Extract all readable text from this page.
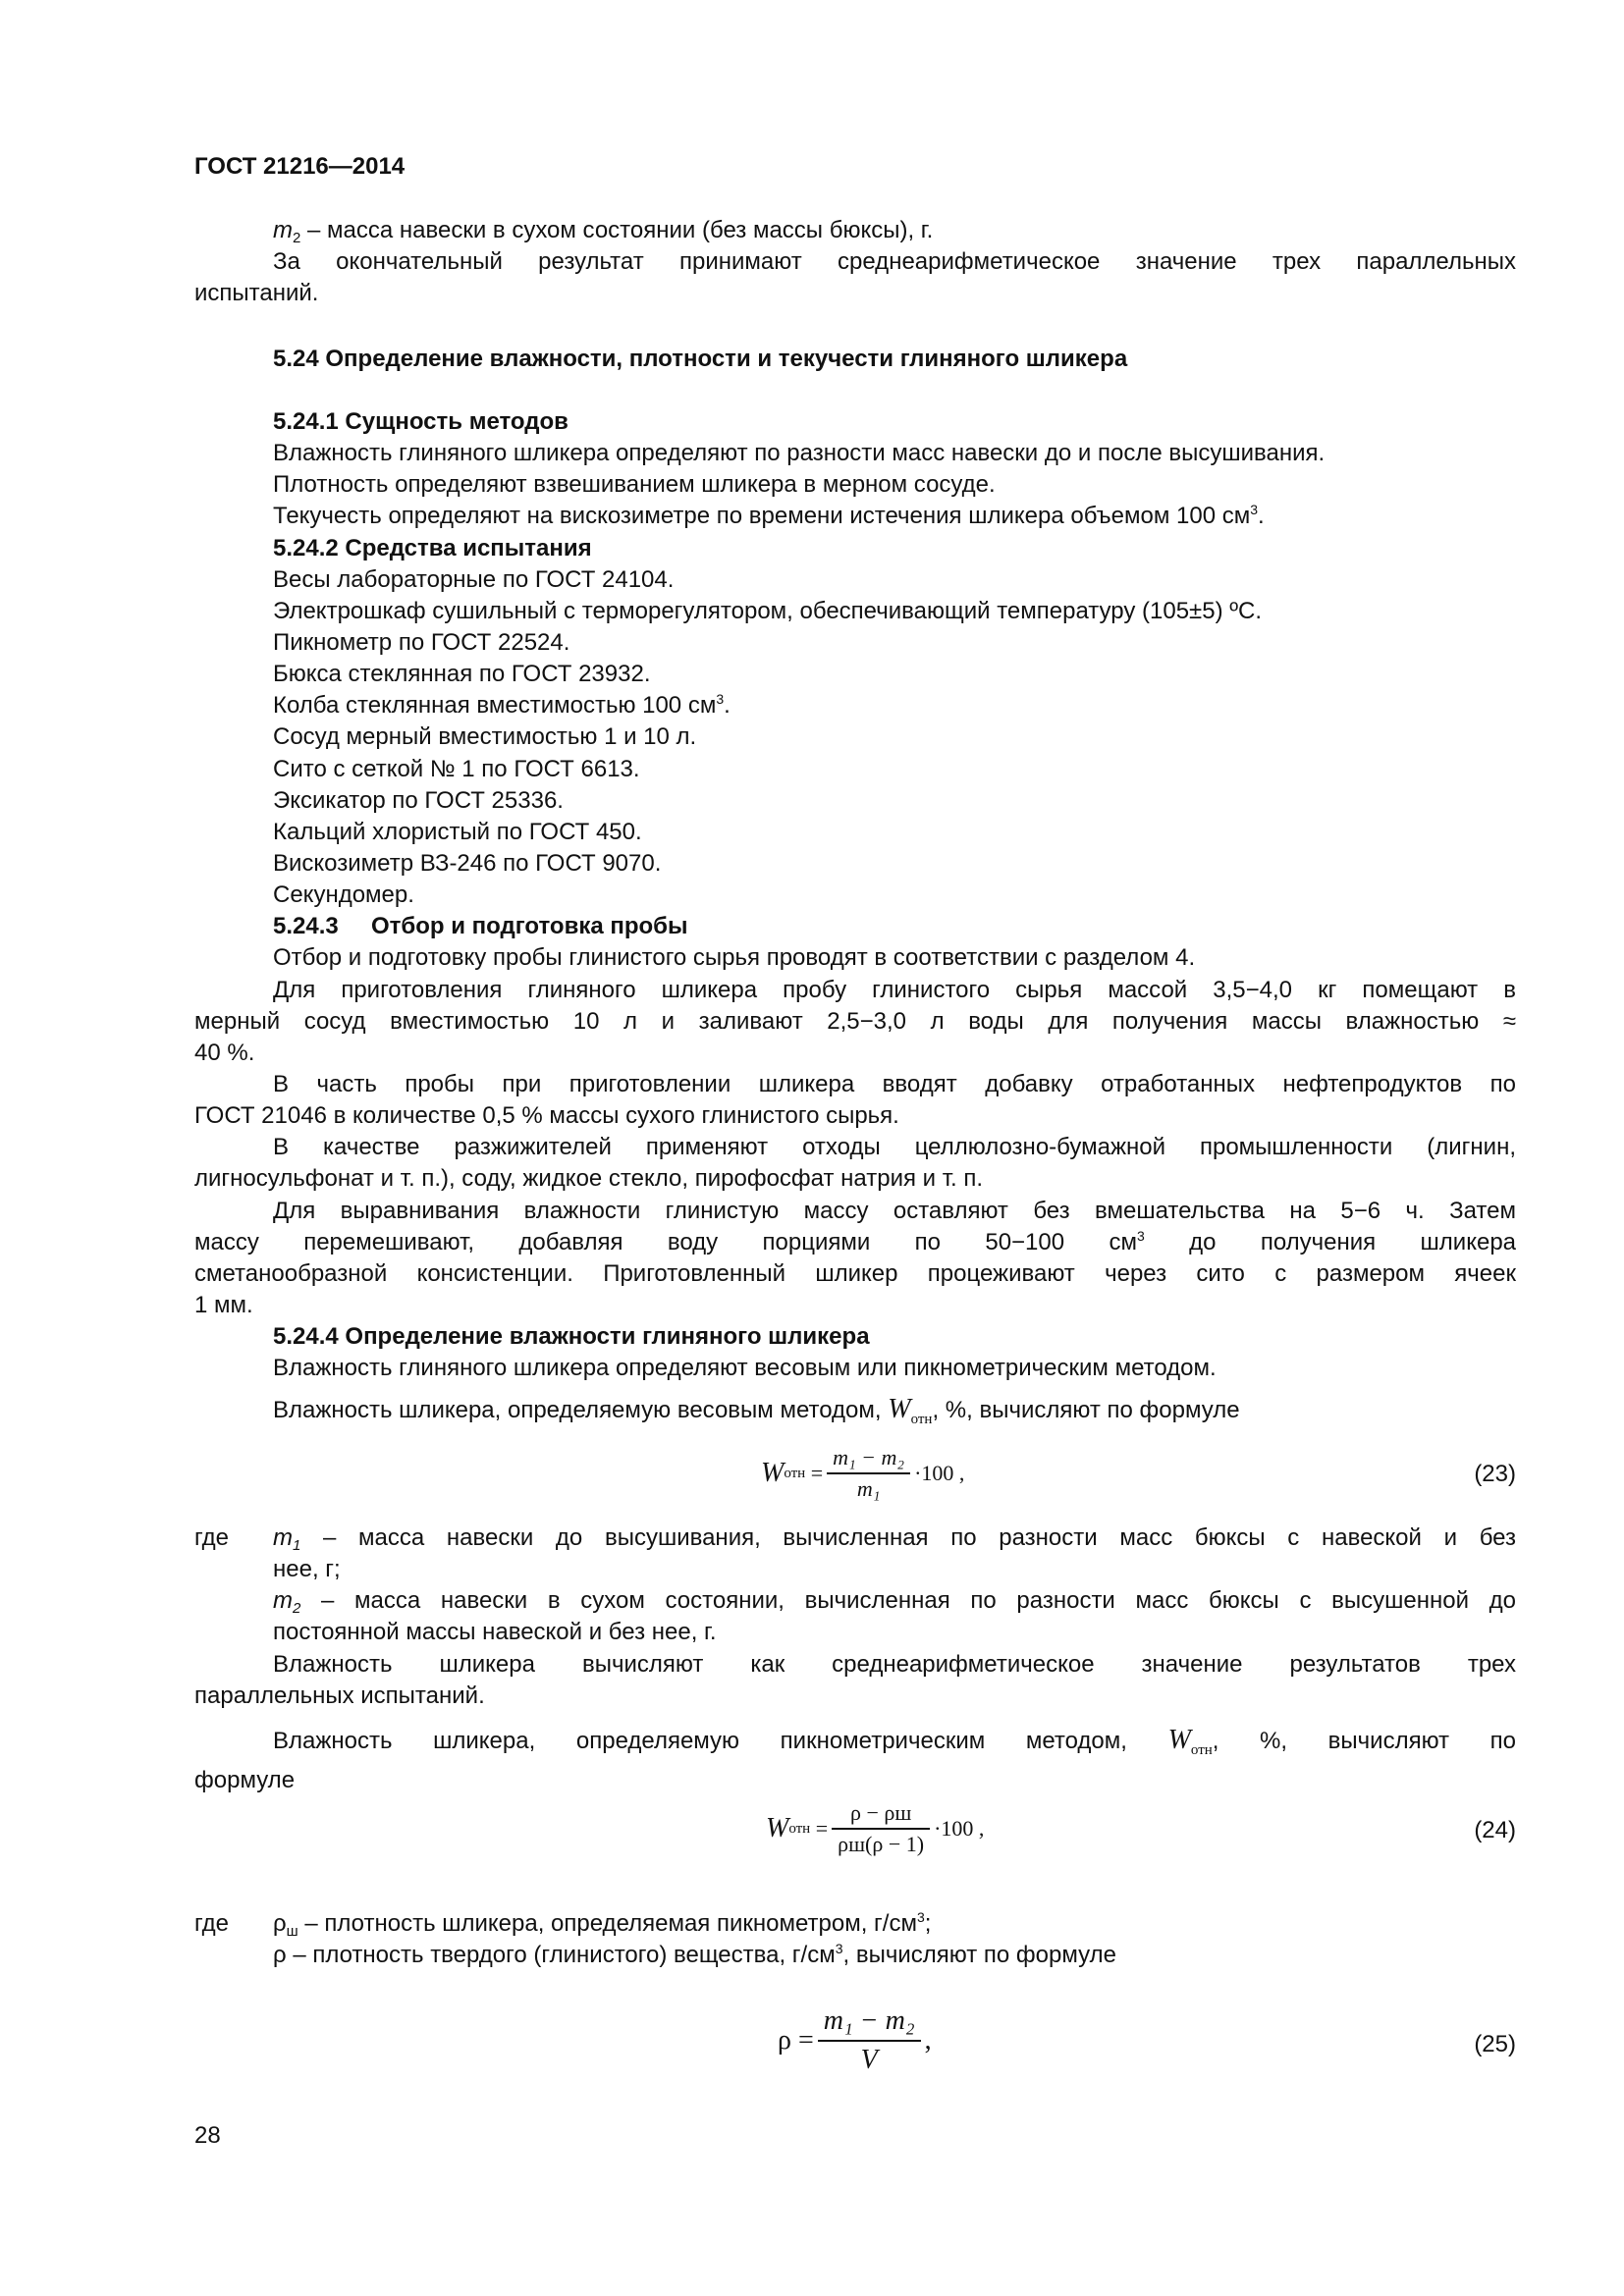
ГОСТ 21216—2014
$m_2$ – масса навески в сухом состоянии (без массы бюксы), г.
За окончательный результат принимают среднеарифметическое значение трех параллельных
испытаний.
5.24 Определение влажности, плотности и текучести глиняного шликера
5.24.1 Сущность методов
Влажность глиняного шликера определяют по разности масс навески до и после высушивания.
Плотность определяют взвешиванием шликера в мерном сосуде.
Текучесть определяют на вискозиметре по времени истечения шликера объемом 100 $см^3$.
5.24.2 Средства испытания
Весы лабораторные по ГОСТ 24104.
Электрошкаф сушильный с терморегулятором, обеспечивающий температуру (105±5) ºС.
Пикнометр по ГОСТ 22524.
Бюкса стеклянная по ГОСТ 23932.
Колба стеклянная вместимостью 100 $см^3$.
Сосуд мерный вместимостью 1 и 10 л.
Сито с сеткой № 1 по ГОСТ 6613.
Эксикатор по ГОСТ 25336.
Кальций хлористый по ГОСТ 450.
Вискозиметр ВЗ-246 по ГОСТ 9070.
Секундомер.
5.24.3 Отбор и подготовка пробы
Отбор и подготовку пробы глинистого сырья проводят в соответствии с разделом 4.
Для приготовления глиняного шликера пробу глинистого сырья массой 3,5−4,0 кг помещают в
мерный сосуд вместимостью 10 л и заливают 2,5−3,0 л воды для получения массы влажностью ≈
40 %.
В часть пробы при приготовлении шликера вводят добавку отработанных нефтепродуктов по
ГОСТ 21046 в количестве 0,5 % массы сухого глинистого сырья.
В качестве разжижителей применяют отходы целлюлозно-бумажной промышленности (лигнин,
лигносульфонат и т. п.), соду, жидкое стекло, пирофосфат натрия и т. п.
Для выравнивания влажности глинистую массу оставляют без вмешательства на 5−6 ч. Затем
массу перемешивают, добавляя воду порциями по 50−100 $см^3$ до получения шликера
сметанообразной консистенции. Приготовленный шликер процеживают через сито с размером ячеек
1 мм.
5.24.4 Определение влажности глиняного шликера
Влажность глиняного шликера определяют весовым или пикнометрическим методом.
Влажность шликера, определяемую весовым методом, $W_{отн}$, %, вычисляют по формуле
W отн = $\frac{\text{m₁ − m₂}}{\text{m₁}} \cdot 100$ ,	(23)
где $m_1$ – масса навески до высушивания, вычисленная по разности масс бюксы с навеской и без
нее, г;
$m_2$ – масса навески в сухом состоянии, вычисленная по разности масс бюксы с высушенной до
постоянной массы навеской и без нее, г.
Влажность шликера вычисляют как среднеарифметическое значение результатов трех
параллельных испытаний.
Влажность шликера, определяемую пикнометрическим методом, $W_{отн}$, %, вычисляют по
формуле
W отн = $\frac{\rho - \rho ш}{\rho ш(\rho - 1)} \cdot 100$ ,	(24)
где $\rho_ш$ – плотность шликера, определяемая пикнометром, $г/см^3$;
ρ – плотность твердого (глинистого) вещества, $г/см^3$, вычисляют по формуле
$\rho = \frac{\text{m₁ − m₂}}{V}$ ,	(25)
28
